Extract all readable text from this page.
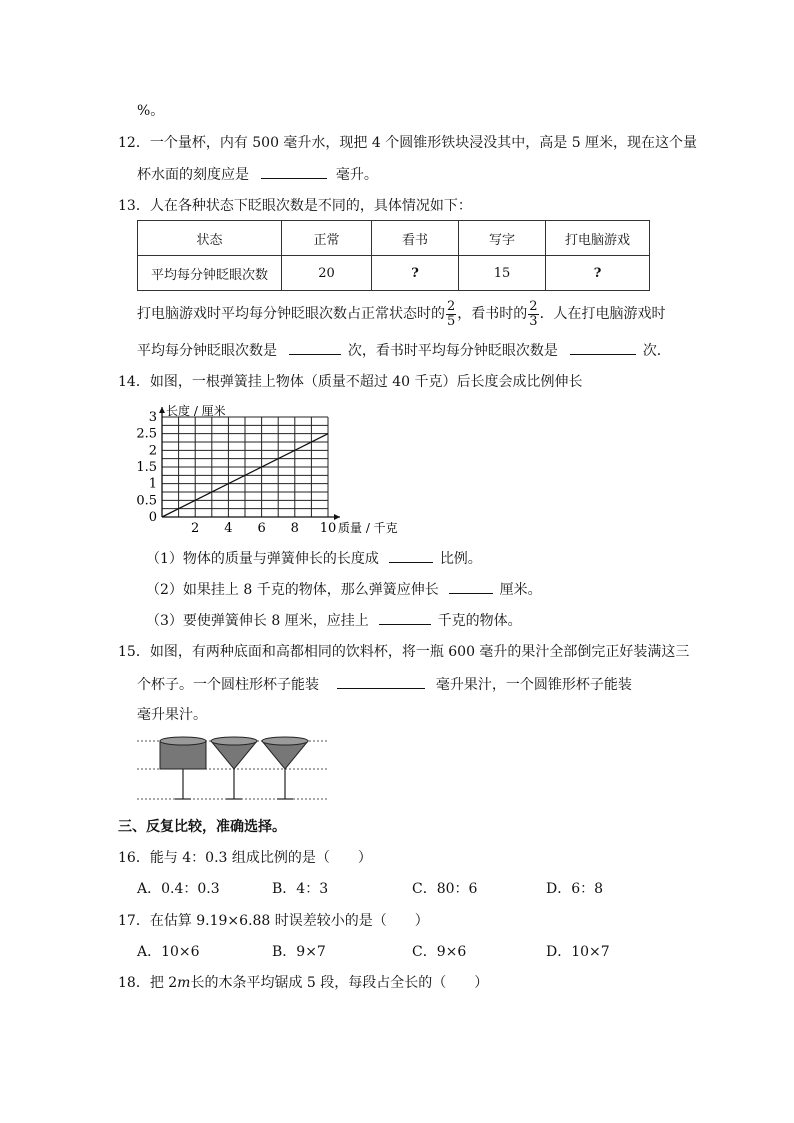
%。
12．一个量杯，内有 500 毫升水，现把 4 个圆锥形铁块浸没其中，高是 5 厘米，现在这个量
杯水面的刻度应是	毫升。
13．人在各种状态下眨眼次数是不同的，具体情况如下：
状态	正常	看书	写字	打电脑游戏
平均每分钟眨眼次数	20	?	15	?
打电脑游戏时平均每分钟眨眼次数占正常状态时的 $\frac{2}{5}$ ，看书时的 $\frac{2}{3}$ ．人在打电脑游戏时
平均每分钟眨眼次数是	次，看书时平均每分钟眨眼次数是	次．
14．如图，一根弹簧挂上物体（质量不超过 40 千克）后长度会成比例伸长
2 4 6 8 10
0
0.5
1
1.5
2
2.5
3 长度 / 厘米
质量 / 千克
（1）物体的质量与弹簧伸长的长度成	比例。
（2）如果挂上 8 千克的物体，那么弹簧应伸长	厘米。
（3）要使弹簧伸长 8 厘米，应挂上	千克的物体。
15．如图，有两种底面和高都相同的饮料杯，将一瓶 600 毫升的果汁全部倒完正好装满这三
个杯子。一个圆柱形杯子能装	毫升果汁，一个圆锥形杯子能装
毫升果汁。
三、反复比较，准确选择。
16．能与 4：0.3 组成比例的是（　　）
A．0.4：0.3	B．4：3	C．80：6	D．6：8
17．在估算 9.19×6.88 时误差较小的是（　　）
A．10×6	B．9×7	C．9×6	D．10×7
18．把 2m长的木条平均锯成 5 段，每段占全长的（　　）
